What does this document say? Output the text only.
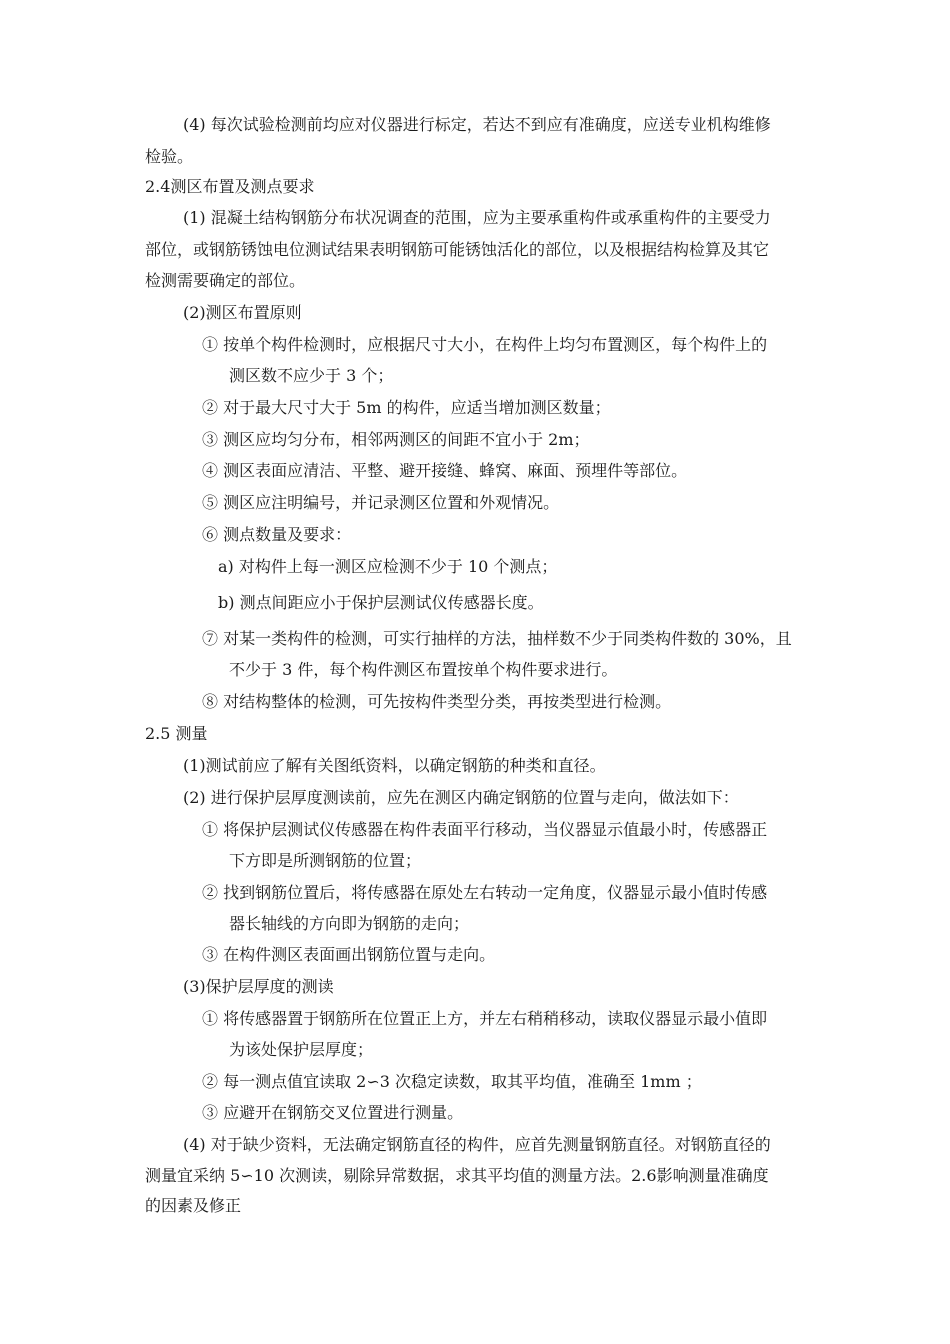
(4) 每次试验检测前均应对仪器进行标定，若达不到应有准确度，应送专业机构维修
检验。
2.4测区布置及测点要求
(1) 混凝土结构钢筋分布状况调查的范围，应为主要承重构件或承重构件的主要受力
部位，或钢筋锈蚀电位测试结果表明钢筋可能锈蚀活化的部位，以及根据结构检算及其它
检测需要确定的部位。
(2)测区布置原则
① 按单个构件检测时，应根据尺寸大小，在构件上均匀布置测区，每个构件上的
测区数不应少于 3 个；
② 对于最大尺寸大于 5m 的构件，应适当增加测区数量；
③ 测区应均匀分布，相邻两测区的间距不宜小于 2m；
④ 测区表面应清洁、平整、避开接缝、蜂窝、麻面、预埋件等部位。
⑤ 测区应注明编号，并记录测区位置和外观情况。
⑥ 测点数量及要求：
a) 对构件上每一测区应检测不少于 10 个测点；
b) 测点间距应小于保护层测试仪传感器长度。
⑦ 对某一类构件的检测，可实行抽样的方法，抽样数不少于同类构件数的 30%，且
不少于 3 件，每个构件测区布置按单个构件要求进行。
⑧ 对结构整体的检测，可先按构件类型分类，再按类型进行检测。
2.5 测量
(1)测试前应了解有关图纸资料，以确定钢筋的种类和直径。
(2) 进行保护层厚度测读前，应先在测区内确定钢筋的位置与走向，做法如下：
① 将保护层测试仪传感器在构件表面平行移动，当仪器显示值最小时，传感器正
下方即是所测钢筋的位置；
② 找到钢筋位置后，将传感器在原处左右转动一定角度，仪器显示最小值时传感
器长轴线的方向即为钢筋的走向；
③ 在构件测区表面画出钢筋位置与走向。
(3)保护层厚度的测读
① 将传感器置于钢筋所在位置正上方，并左右稍稍移动，读取仪器显示最小值即
为该处保护层厚度；
② 每一测点值宜读取 2∽3 次稳定读数，取其平均值，准确至 1mm ；
③ 应避开在钢筋交叉位置进行测量。
(4) 对于缺少资料，无法确定钢筋直径的构件，应首先测量钢筋直径。对钢筋直径的
测量宜采纳 5∽10 次测读，剔除异常数据，求其平均值的测量方法。2.6影响测量准确度
的因素及修正
